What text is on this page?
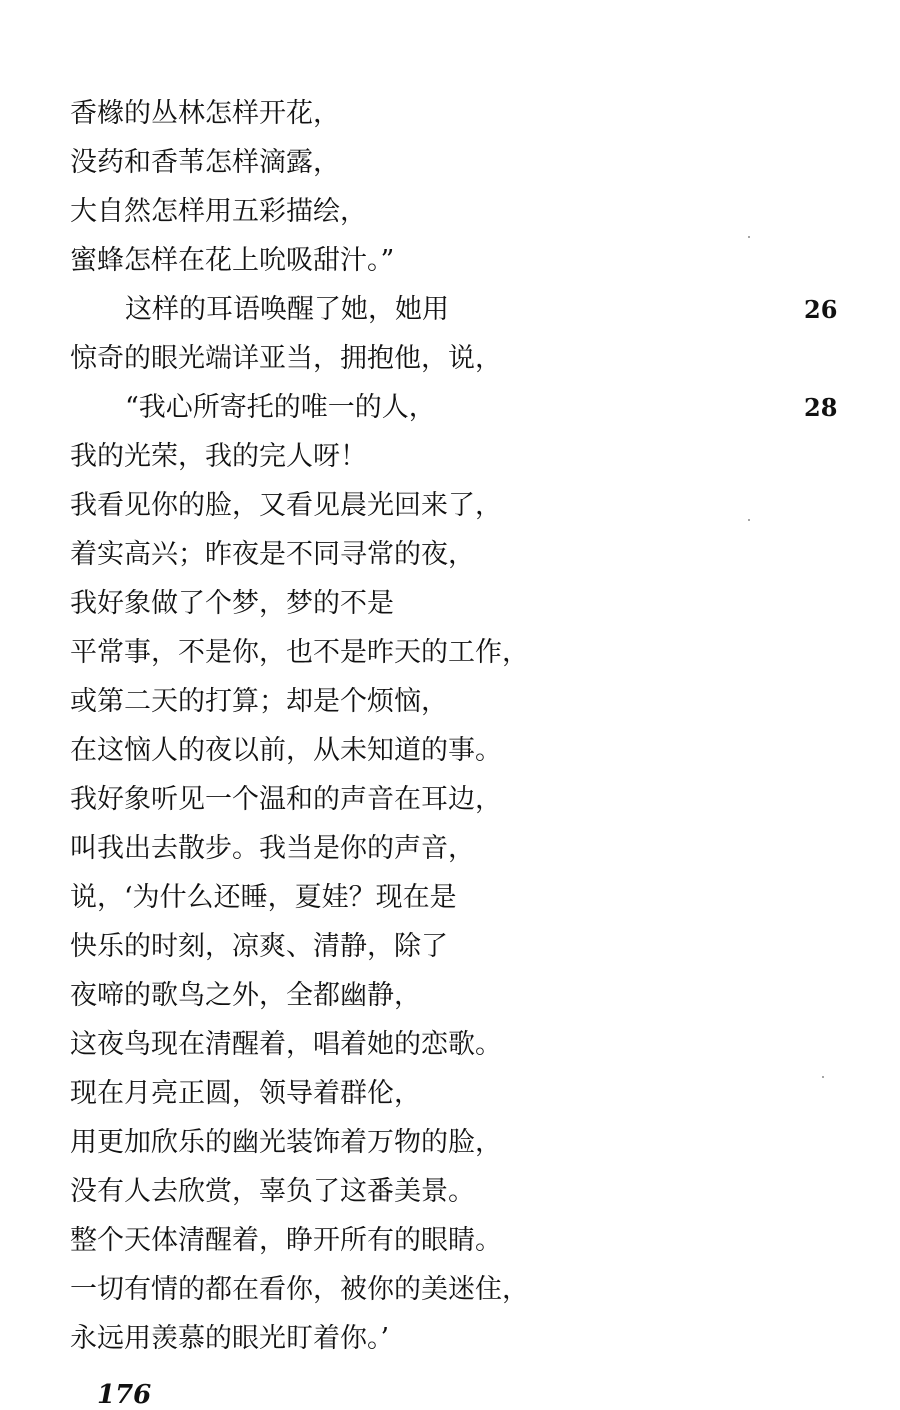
香橼的丛林怎样开花，
没药和香苇怎样滴露，
大自然怎样用五彩描绘，
蜜蜂怎样在花上吮吸甜汁。”
这样的耳语唤醒了她，她用	26
惊奇的眼光端详亚当，拥抱他，说，
“我心所寄托的唯一的人，	28
我的光荣，我的完人呀！
我看见你的脸，又看见晨光回来了，
着实高兴；昨夜是不同寻常的夜，
我好象做了个梦，梦的不是
平常事，不是你，也不是昨天的工作，
或第二天的打算；却是个烦恼，
在这恼人的夜以前，从未知道的事。
我好象听见一个温和的声音在耳边，
叫我出去散步。我当是你的声音，
说，‘为什么还睡，夏娃？现在是
快乐的时刻，凉爽、清静，除了
夜啼的歌鸟之外，全都幽静，
这夜鸟现在清醒着，唱着她的恋歌。
现在月亮正圆，领导着群伦，
用更加欣乐的幽光装饰着万物的脸，
没有人去欣赏，辜负了这番美景。
整个天体清醒着，睁开所有的眼睛。
一切有情的都在看你，被你的美迷住，
永远用羡慕的眼光盯着你。’
176
